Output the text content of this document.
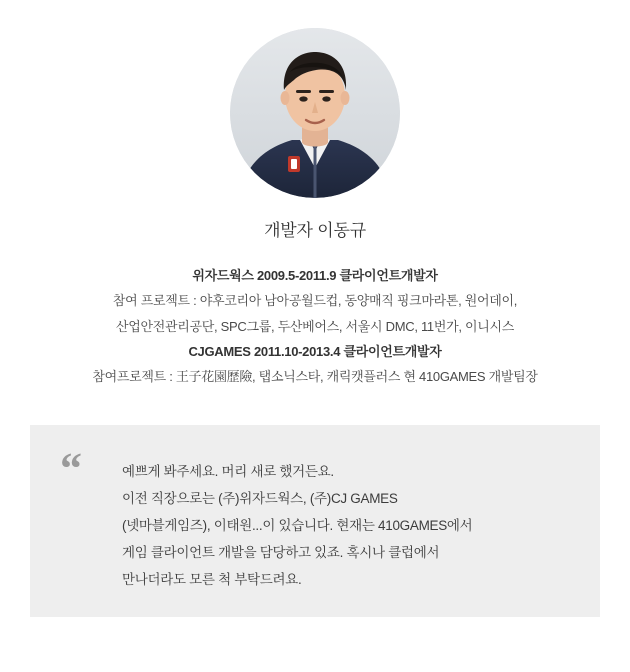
개발자 이동규
위자드웍스 2009.5-2011.9 클라이언트개발자
참여 프로젝트 : 야후코리아 남아공월드컵, 동양매직 핑크마라톤, 원어데이,
산업안전관리공단, SPC그룹, 두산베어스, 서울시 DMC, 11번가, 이니시스
CJGAMES 2011.10-2013.4 클라이언트개발자
참여프로젝트 : 王子花園歷險, 탭소닉스타, 캐릭캣플러스 현 410GAMES 개발팀장
“	예쁘게 봐주세요. 머리 새로 했거든요.
이전 직장으로는 (주)위자드웍스, (주)CJ GAMES
(넷마블게임즈), 이태원...이 있습니다. 현재는 410GAMES에서
게임 클라이언트 개발을 담당하고 있죠. 혹시나 클럽에서
만나더라도 모른 척 부탁드려요.
